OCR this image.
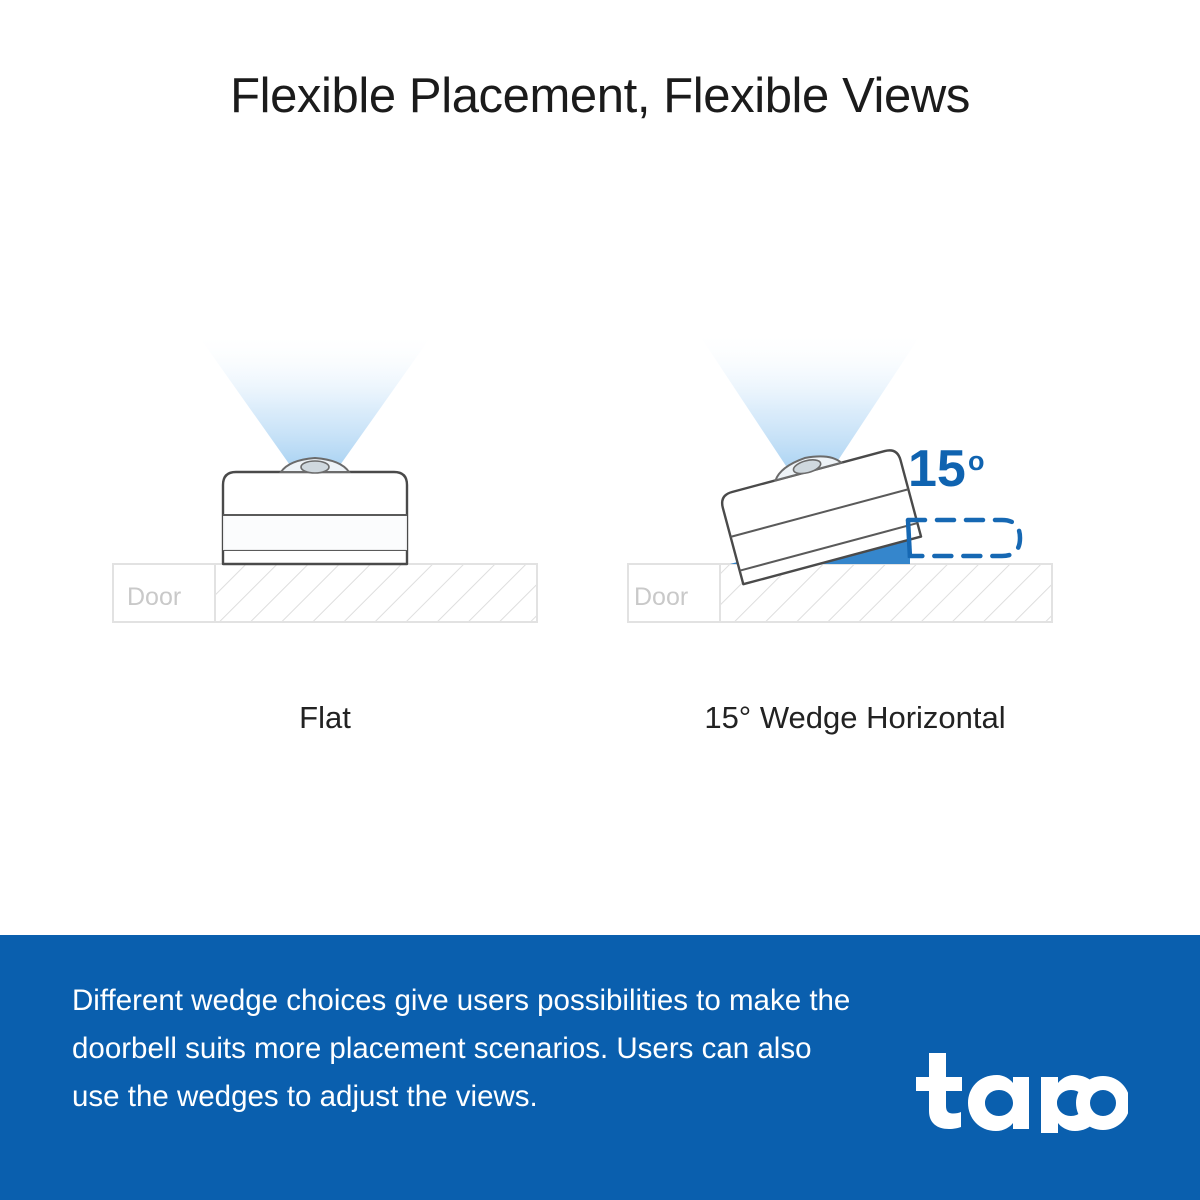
Flexible Placement, Flexible Views
Door	Door
15 o
Flat	15° Wedge Horizontal
Different wedge choices give users possibilities to make the doorbell suits more placement scenarios. Users can also use the wedges to adjust the views.
